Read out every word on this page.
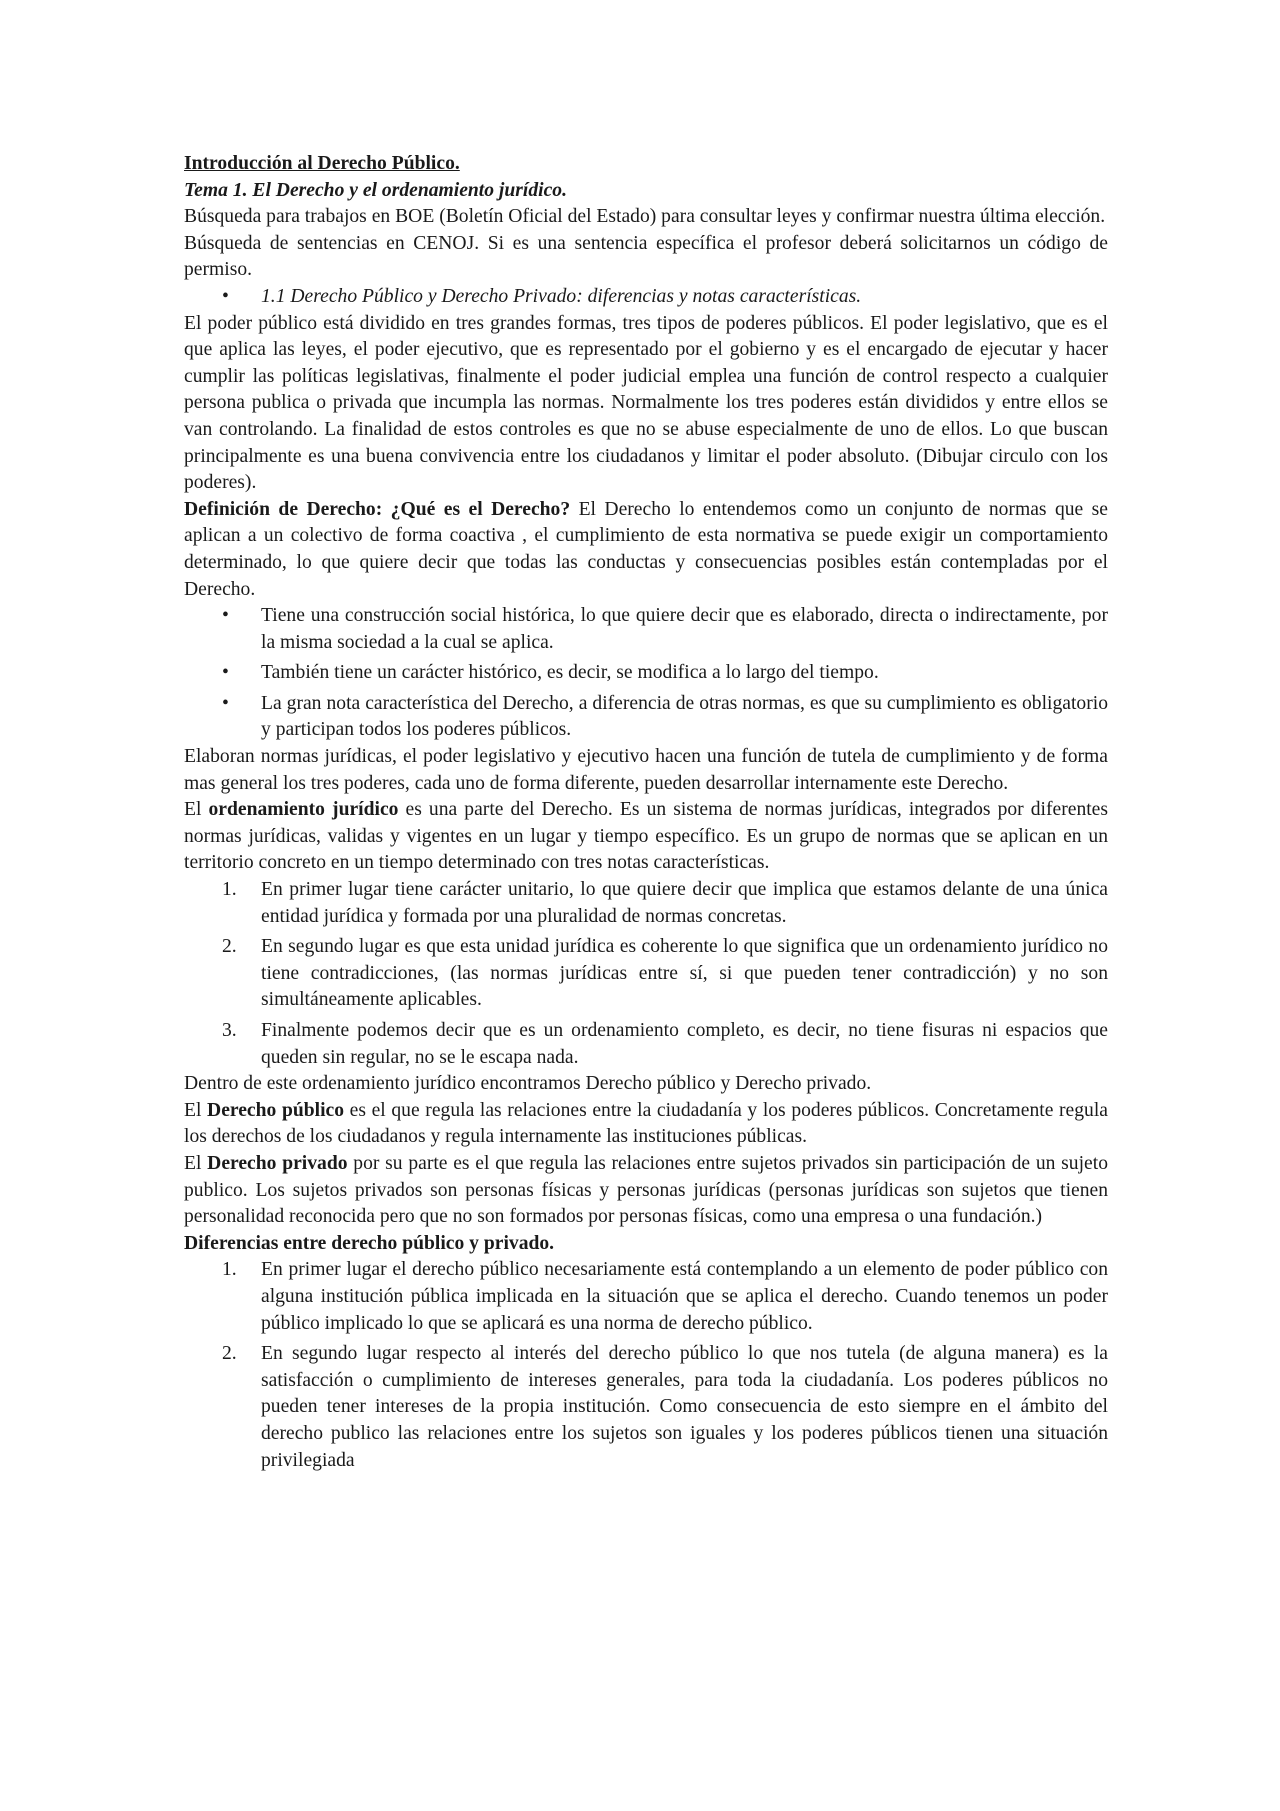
Introducción al Derecho Público.

Tema 1. El Derecho y el ordenamiento jurídico.

Búsqueda para trabajos en BOE (Boletín Oficial del Estado) para consultar leyes y confirmar nuestra última elección.

Búsqueda de sentencias en CENOJ. Si es una sentencia específica el profesor deberá solicitarnos un código de permiso.

• 1.1 Derecho Público y Derecho Privado: diferencias y notas características.

El poder público está dividido en tres grandes formas, tres tipos de poderes públicos. El poder legislativo, que es el que aplica las leyes, el poder ejecutivo, que es representado por el gobierno y es el encargado de ejecutar y hacer cumplir las políticas legislativas, finalmente el poder judicial emplea una función de control respecto a cualquier persona publica o privada que incumpla las normas. Normalmente los tres poderes están divididos y entre ellos se van controlando. La finalidad de estos controles es que no se abuse especialmente de uno de ellos. Lo que buscan principalmente es una buena convivencia entre los ciudadanos y limitar el poder absoluto. (Dibujar circulo con los poderes).

Definición de Derecho: ¿Qué es el Derecho? El Derecho lo entendemos como un conjunto de normas que se aplican a un colectivo de forma coactiva , el cumplimiento de esta normativa se puede exigir un comportamiento determinado, lo que quiere decir que todas las conductas y consecuencias posibles están contempladas por el Derecho.

• Tiene una construcción social histórica, lo que quiere decir que es elaborado, directa o indirectamente, por la misma sociedad a la cual se aplica.
• También tiene un carácter histórico, es decir, se modifica a lo largo del tiempo.
• La gran nota característica del Derecho, a diferencia de otras normas, es que su cumplimiento es obligatorio y participan todos los poderes públicos.

Elaboran normas jurídicas, el poder legislativo y ejecutivo hacen una función de tutela de cumplimiento y de forma mas general los tres poderes, cada uno de forma diferente, pueden desarrollar internamente este Derecho.

El ordenamiento jurídico es una parte del Derecho. Es un sistema de normas jurídicas, integrados por diferentes normas jurídicas, validas y vigentes en un lugar y tiempo específico. Es un grupo de normas que se aplican en un territorio concreto en un tiempo determinado con tres notas características.

1. En primer lugar tiene carácter unitario, lo que quiere decir que implica que estamos delante de una única entidad jurídica y formada por una pluralidad de normas concretas.
2. En segundo lugar es que esta unidad jurídica es coherente lo que significa que un ordenamiento jurídico no tiene contradicciones, (las normas jurídicas entre sí, si que pueden tener contradicción) y no son simultáneamente aplicables.
3. Finalmente podemos decir que es un ordenamiento completo, es decir, no tiene fisuras ni espacios que queden sin regular, no se le escapa nada.

Dentro de este ordenamiento jurídico encontramos Derecho público y Derecho privado.

El Derecho público es el que regula las relaciones entre la ciudadanía y los poderes públicos. Concretamente regula los derechos de los ciudadanos y regula internamente las instituciones públicas.

El Derecho privado por su parte es el que regula las relaciones entre sujetos privados sin participación de un sujeto publico. Los sujetos privados son personas físicas y personas jurídicas (personas jurídicas son sujetos que tienen personalidad reconocida pero que no son formados por personas físicas, como una empresa o una fundación.)

Diferencias entre derecho público y privado.

1. En primer lugar el derecho público necesariamente está contemplando a un elemento de poder público con alguna institución pública implicada en la situación que se aplica el derecho. Cuando tenemos un poder público implicado lo que se aplicará es una norma de derecho público.
2. En segundo lugar respecto al interés del derecho público lo que nos tutela (de alguna manera) es la satisfacción o cumplimiento de intereses generales, para toda la ciudadanía. Los poderes públicos no pueden tener intereses de la propia institución. Como consecuencia de esto siempre en el ámbito del derecho publico las relaciones entre los sujetos son iguales y los poderes públicos tienen una situación privilegiada
